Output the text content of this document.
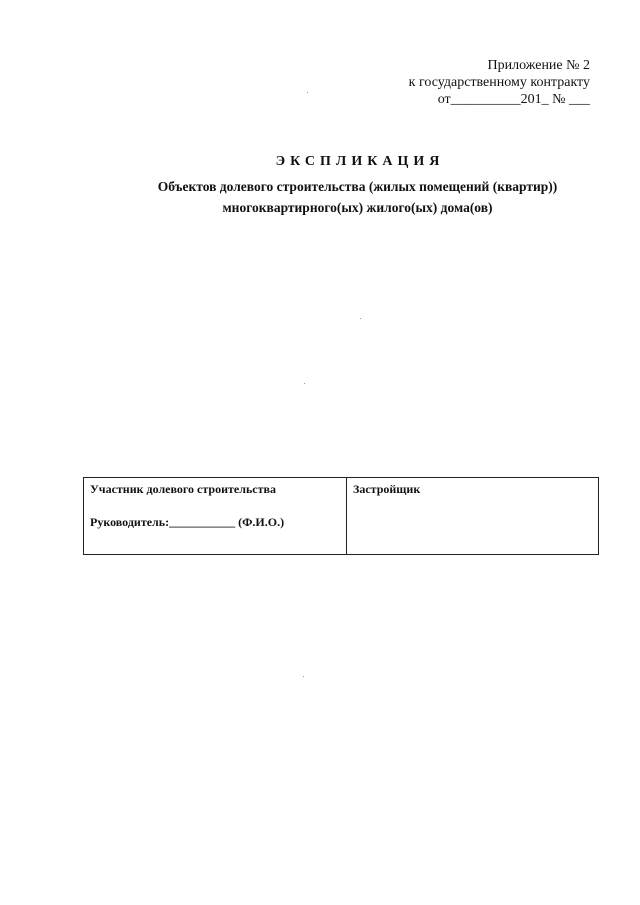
Приложение № 2
к государственному контракту
от__________201_ № ___
ЭКСПЛИКАЦИЯ
Объектов долевого строительства (жилых помещений (квартир))
многоквартирного(ых) жилого(ых) дома(ов)
Участник долевого строительства
Руководитель:___________ (Ф.И.О.)
Застройщик
